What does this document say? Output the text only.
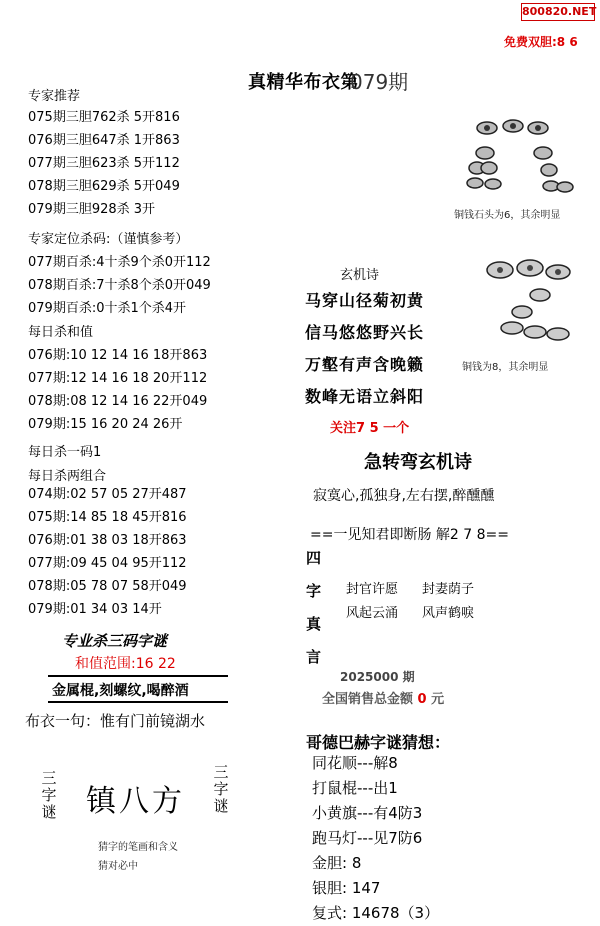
800820.NET
免费双胆:8 6
真精华布衣第
079期
专家推荐
075期三胆762杀 5开816
076期三胆647杀 1开863
077期三胆623杀 5开112
078期三胆629杀 5开049
079期三胆928杀 3开
专家定位杀码:（谨慎参考）
077期百杀:4十杀9个杀0开112
078期百杀:7十杀8个杀0开049
079期百杀:0十杀1个杀4开
每日杀和值
076期:10 12 14 16 18开863
077期:12 14 16 18 20开112
078期:08 12 14 16 22开049
079期:15 16 20 24 26开
每日杀一码1
每日杀两组合
074期:02 57 05 27开487
075期:14 85 18 45开816
076期:01 38 03 18开863
077期:09 45 04 95开112
078期:05 78 07 58开049
079期:01 34 03 14开
专业杀三码字谜
和值范围:16 22
金属棍,刻螺纹,喝醉酒
布衣一句：惟有门前镜湖水
三字谜 镇八方
三字谜
猜字的笔画和含义
猜对必中
铜钱石头为6，其余明显
铜钱为8，其余明显
玄机诗
马穿山径菊初黄
信马悠悠野兴长
万壑有声含晚籁
数峰无语立斜阳
关注7 5 一个
急转弯玄机诗
寂寞心,孤独身,左右摆,醉醺醺
==一见知君即断肠 解2 7 8==
四
字
真
言
封官许愿 封妻荫子
风起云涌 风声鹤唳
2025000 期
全国销售总金额 0 元
哥德巴赫字谜猜想：
同花顺---解8
打鼠棍---出1
小黄旗---有4防3
跑马灯---见7防6
金胆: 8
银胆: 147
复式: 14678（3）
